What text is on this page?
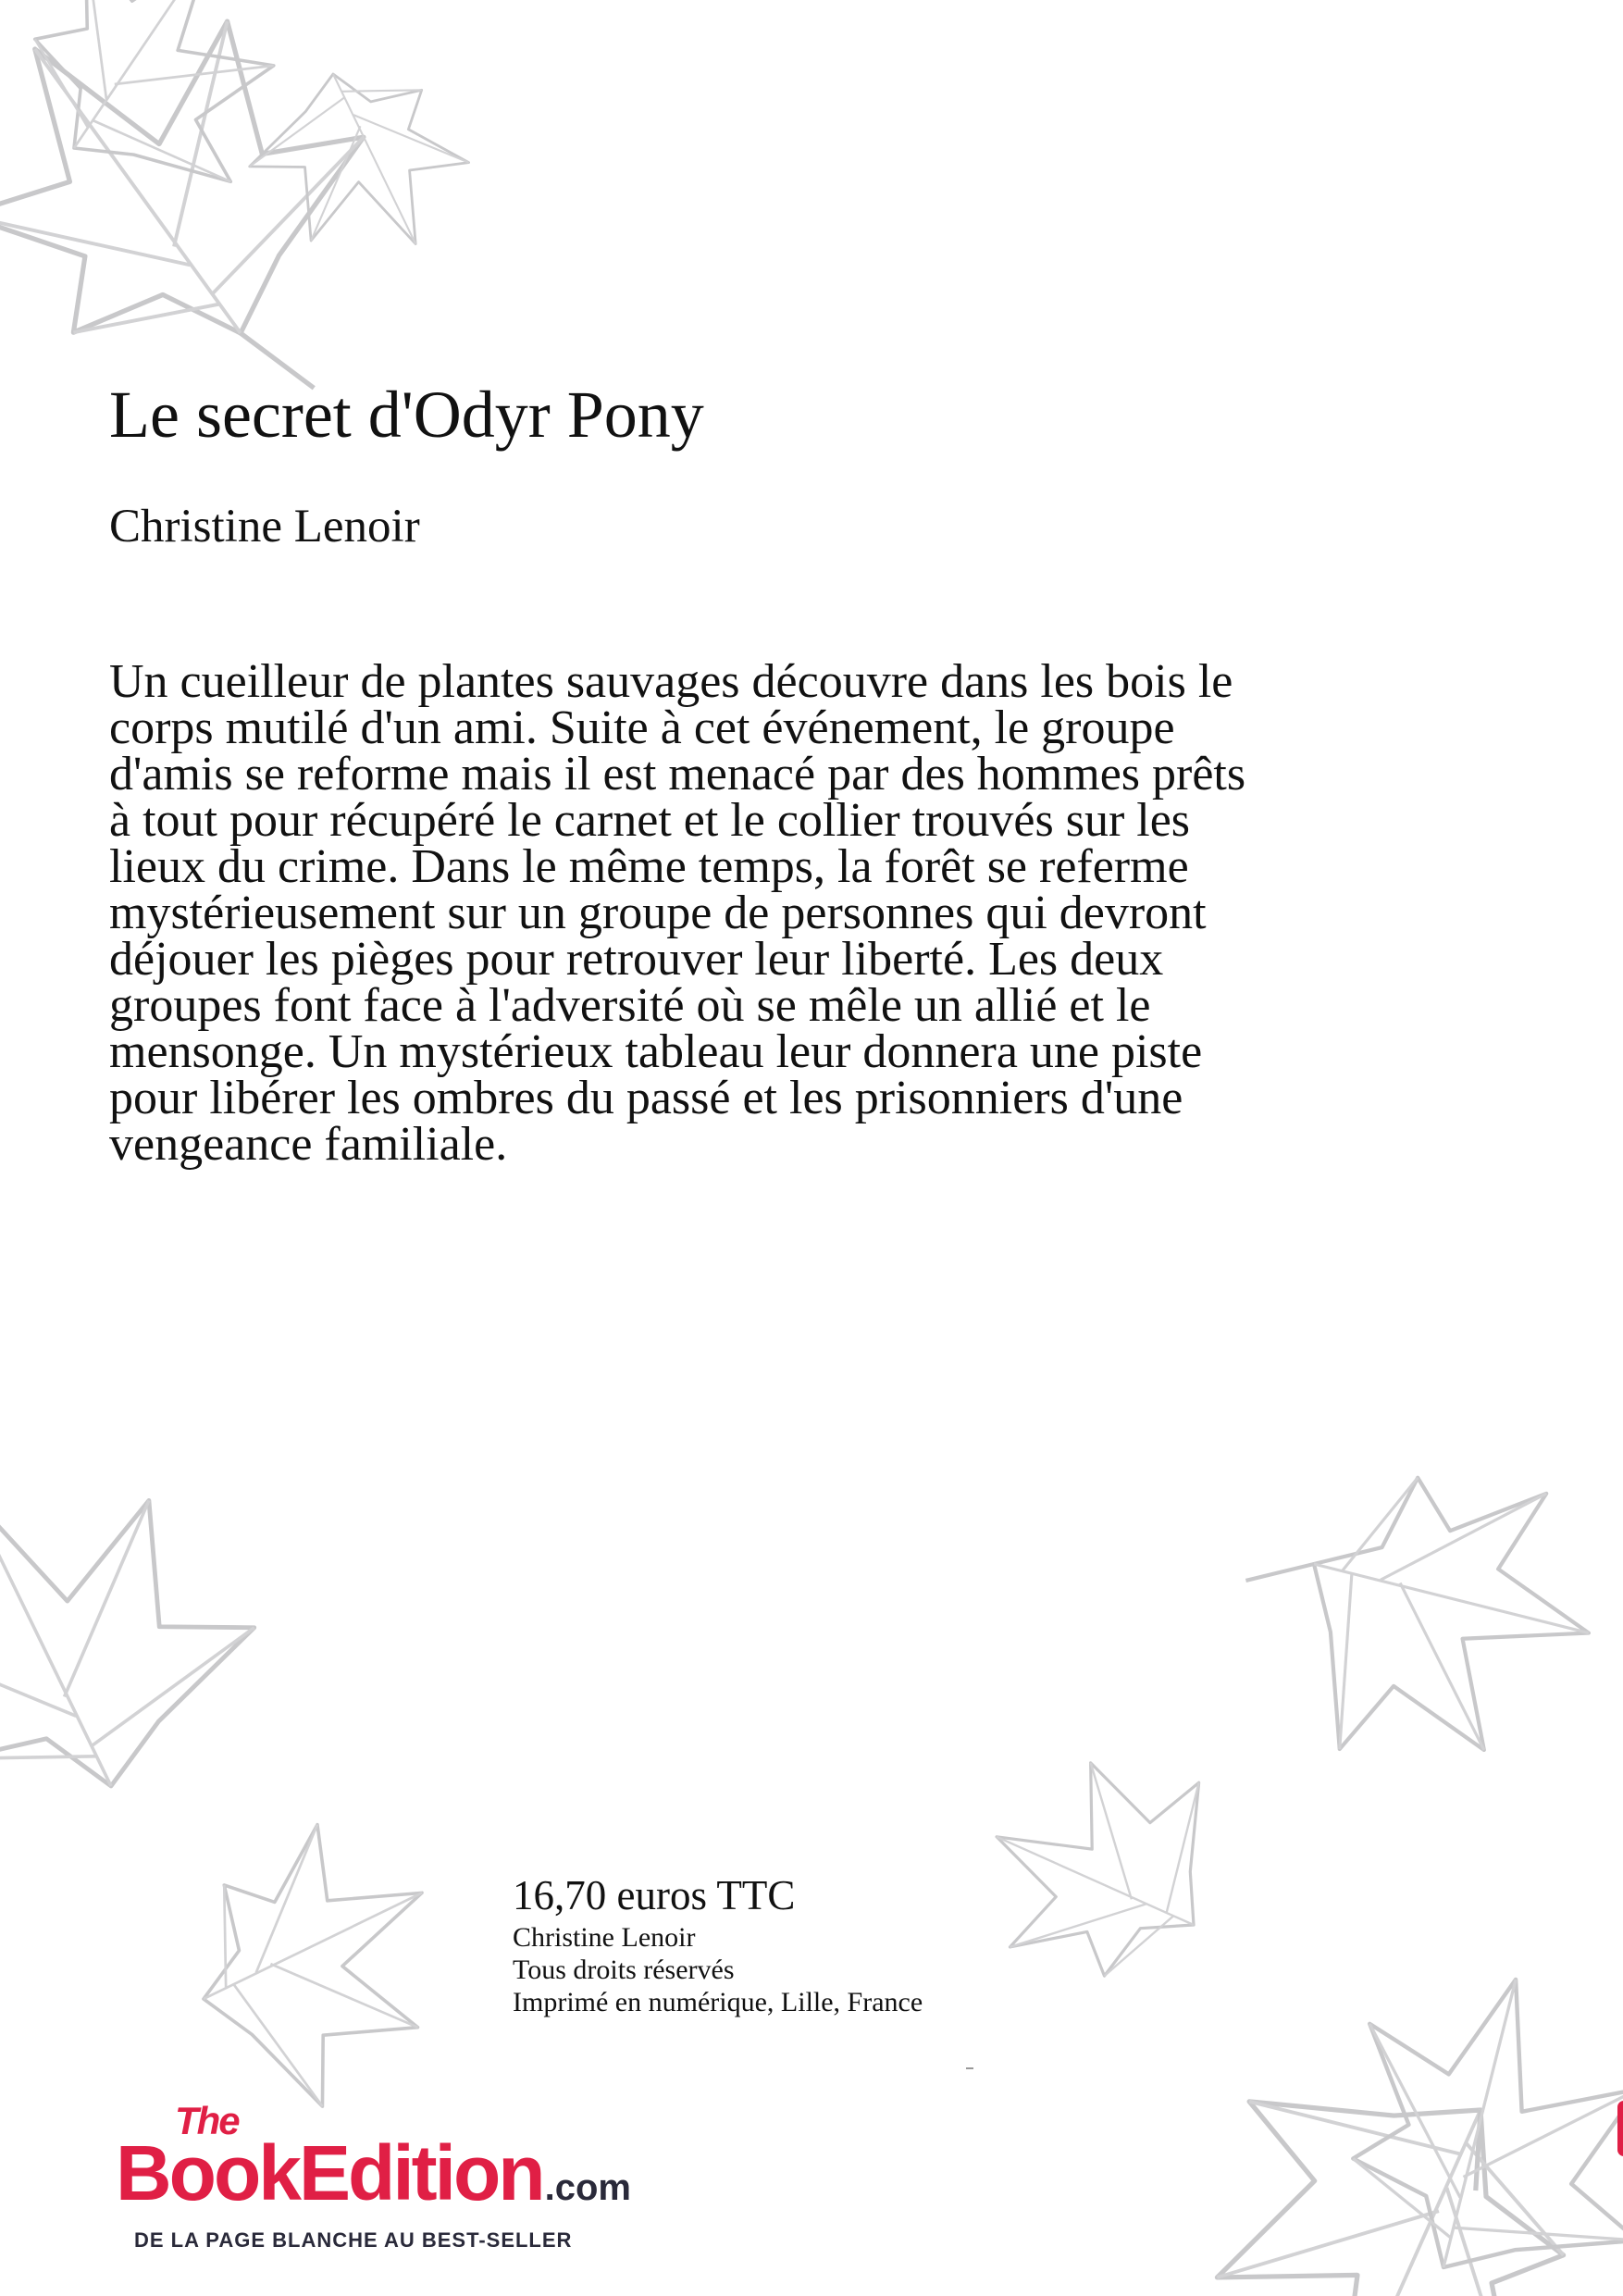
Le secret d'Odyr Pony
Christine Lenoir

Un cueilleur de plantes sauvages découvre dans les bois le corps mutilé d'un ami. Suite à cet événement, le groupe d'amis se reforme mais il est menacé par des hommes prêts à tout pour récupéré le carnet et le collier trouvés sur les lieux du crime. Dans le même temps, la forêt se referme mystérieusement sur un groupe de personnes qui devront déjouer les pièges pour retrouver leur liberté. Les deux groupes font face à l'adversité où se mêle un allié et le mensonge. Un mystérieux tableau leur donnera une piste pour libérer les ombres du passé et les prisonniers d'une vengeance familiale.

16,70 euros TTC
Christine Lenoir
Tous droits réservés
Imprimé en numérique, Lille, France
The
BookEdition.com
DE LA PAGE BLANCHE AU BEST-SELLER
